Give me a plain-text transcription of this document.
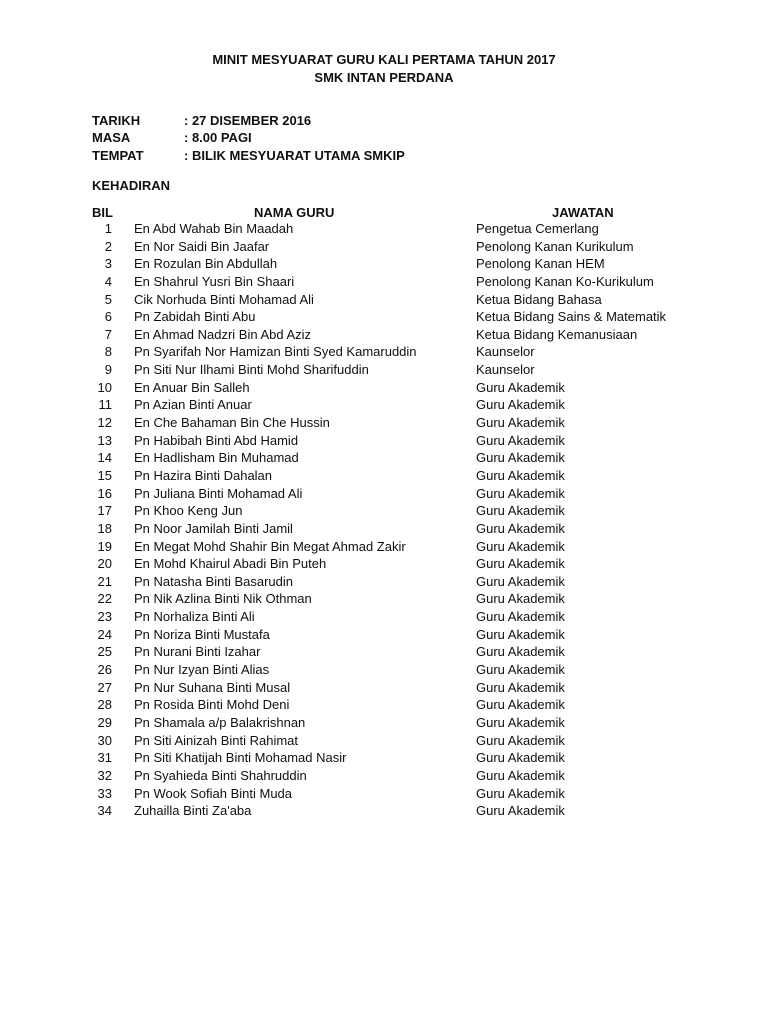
MINIT MESYUARAT GURU KALI PERTAMA TAHUN 2017
SMK INTAN PERDANA
TARIKH	: 27 DISEMBER 2016
MASA	: 8.00 PAGI
TEMPAT	: BILIK MESYUARAT UTAMA SMKIP
KEHADIRAN
BIL	NAMA GURU	JAWATAN
1 En Abd Wahab Bin Maadah	Pengetua Cemerlang
2 En Nor Saidi Bin Jaafar	Penolong Kanan Kurikulum
3 En Rozulan Bin Abdullah	Penolong Kanan HEM
4 En Shahrul Yusri Bin Shaari	Penolong Kanan Ko-Kurikulum
5 Cik Norhuda Binti Mohamad Ali	Ketua Bidang Bahasa
6 Pn Zabidah Binti Abu	Ketua Bidang Sains & Matematik
7 En Ahmad Nadzri Bin Abd Aziz	Ketua Bidang Kemanusiaan
8 Pn Syarifah Nor Hamizan Binti Syed Kamaruddin	Kaunselor
9 Pn Siti Nur Ilhami Binti Mohd Sharifuddin	Kaunselor
10 En Anuar Bin Salleh	Guru Akademik
11 Pn Azian Binti Anuar	Guru Akademik
12 En Che Bahaman Bin Che Hussin	Guru Akademik
13 Pn Habibah Binti Abd Hamid	Guru Akademik
14 En Hadlisham Bin Muhamad	Guru Akademik
15 Pn Hazira Binti Dahalan	Guru Akademik
16 Pn Juliana Binti Mohamad Ali	Guru Akademik
17 Pn Khoo Keng Jun	Guru Akademik
18 Pn Noor Jamilah Binti Jamil	Guru Akademik
19 En Megat Mohd Shahir Bin Megat Ahmad Zakir	Guru Akademik
20 En Mohd Khairul Abadi Bin Puteh	Guru Akademik
21 Pn Natasha Binti Basarudin	Guru Akademik
22 Pn Nik Azlina Binti Nik Othman	Guru Akademik
23 Pn Norhaliza Binti Ali	Guru Akademik
24 Pn Noriza Binti Mustafa	Guru Akademik
25 Pn Nurani Binti Izahar	Guru Akademik
26 Pn Nur Izyan Binti Alias	Guru Akademik
27 Pn Nur Suhana Binti Musal	Guru Akademik
28 Pn Rosida Binti Mohd Deni	Guru Akademik
29 Pn Shamala a/p Balakrishnan	Guru Akademik
30 Pn Siti Ainizah Binti Rahimat	Guru Akademik
31 Pn Siti Khatijah Binti Mohamad Nasir	Guru Akademik
32 Pn Syahieda Binti Shahruddin	Guru Akademik
33 Pn Wook Sofiah Binti Muda	Guru Akademik
34 Zuhailla Binti Za'aba	Guru Akademik
